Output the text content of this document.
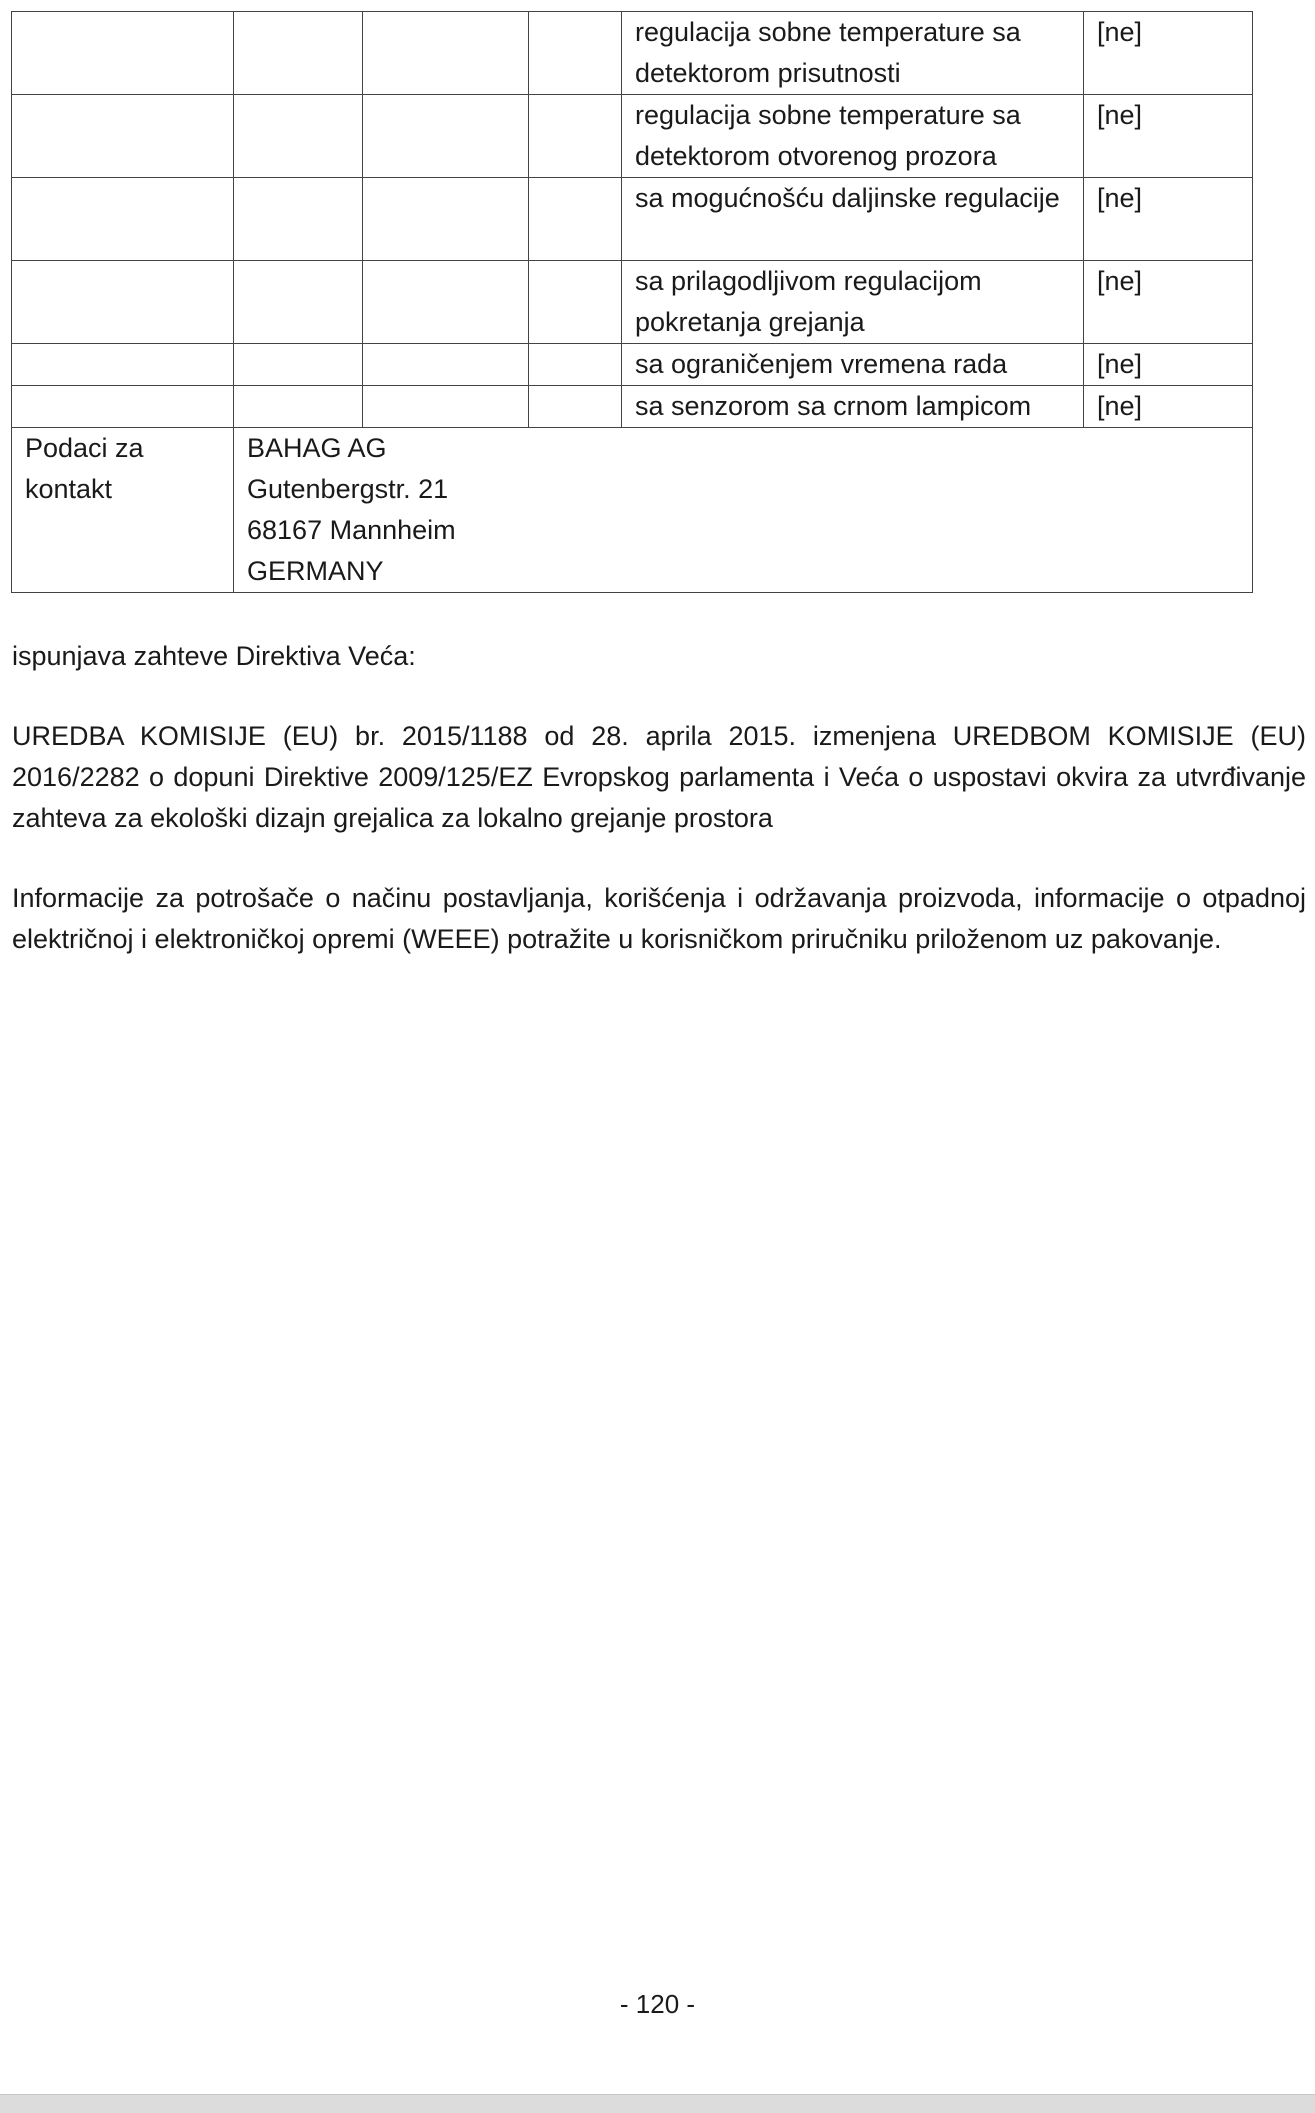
				regulacija sobne temperature sa detektorom prisutnosti	[ne]
				regulacija sobne temperature sa detektorom otvorenog prozora	[ne]
				sa mogućnošću daljinske regulacije	[ne]
				sa prilagodljivom regulacijom pokretanja grejanja	[ne]
				sa ograničenjem vremena rada	[ne]
				sa senzorom sa crnom lampicom	[ne]
Podaci za kontakt	BAHAG AG
Gutenbergstr. 21
68167 Mannheim
GERMANY				

ispunjava zahteve Direktiva Veća:

UREDBA KOMISIJE (EU) br. 2015/1188 od 28. aprila 2015. izmenjena UREDBOM KOMISIJE (EU) 2016/2282 o dopuni Direktive 2009/125/EZ Evropskog parlamenta i Veća o uspostavi okvira za utvrđivanje zahteva za ekološki dizajn grejalica za lokalno grejanje prostora

Informacije za potrošače o načinu postavljanja, korišćenja i održavanja proizvoda, informacije o otpadnoj električnoj i elektroničkoj opremi (WEEE) potražite u korisničkom priručniku priloženom uz pakovanje.

- 120 -
